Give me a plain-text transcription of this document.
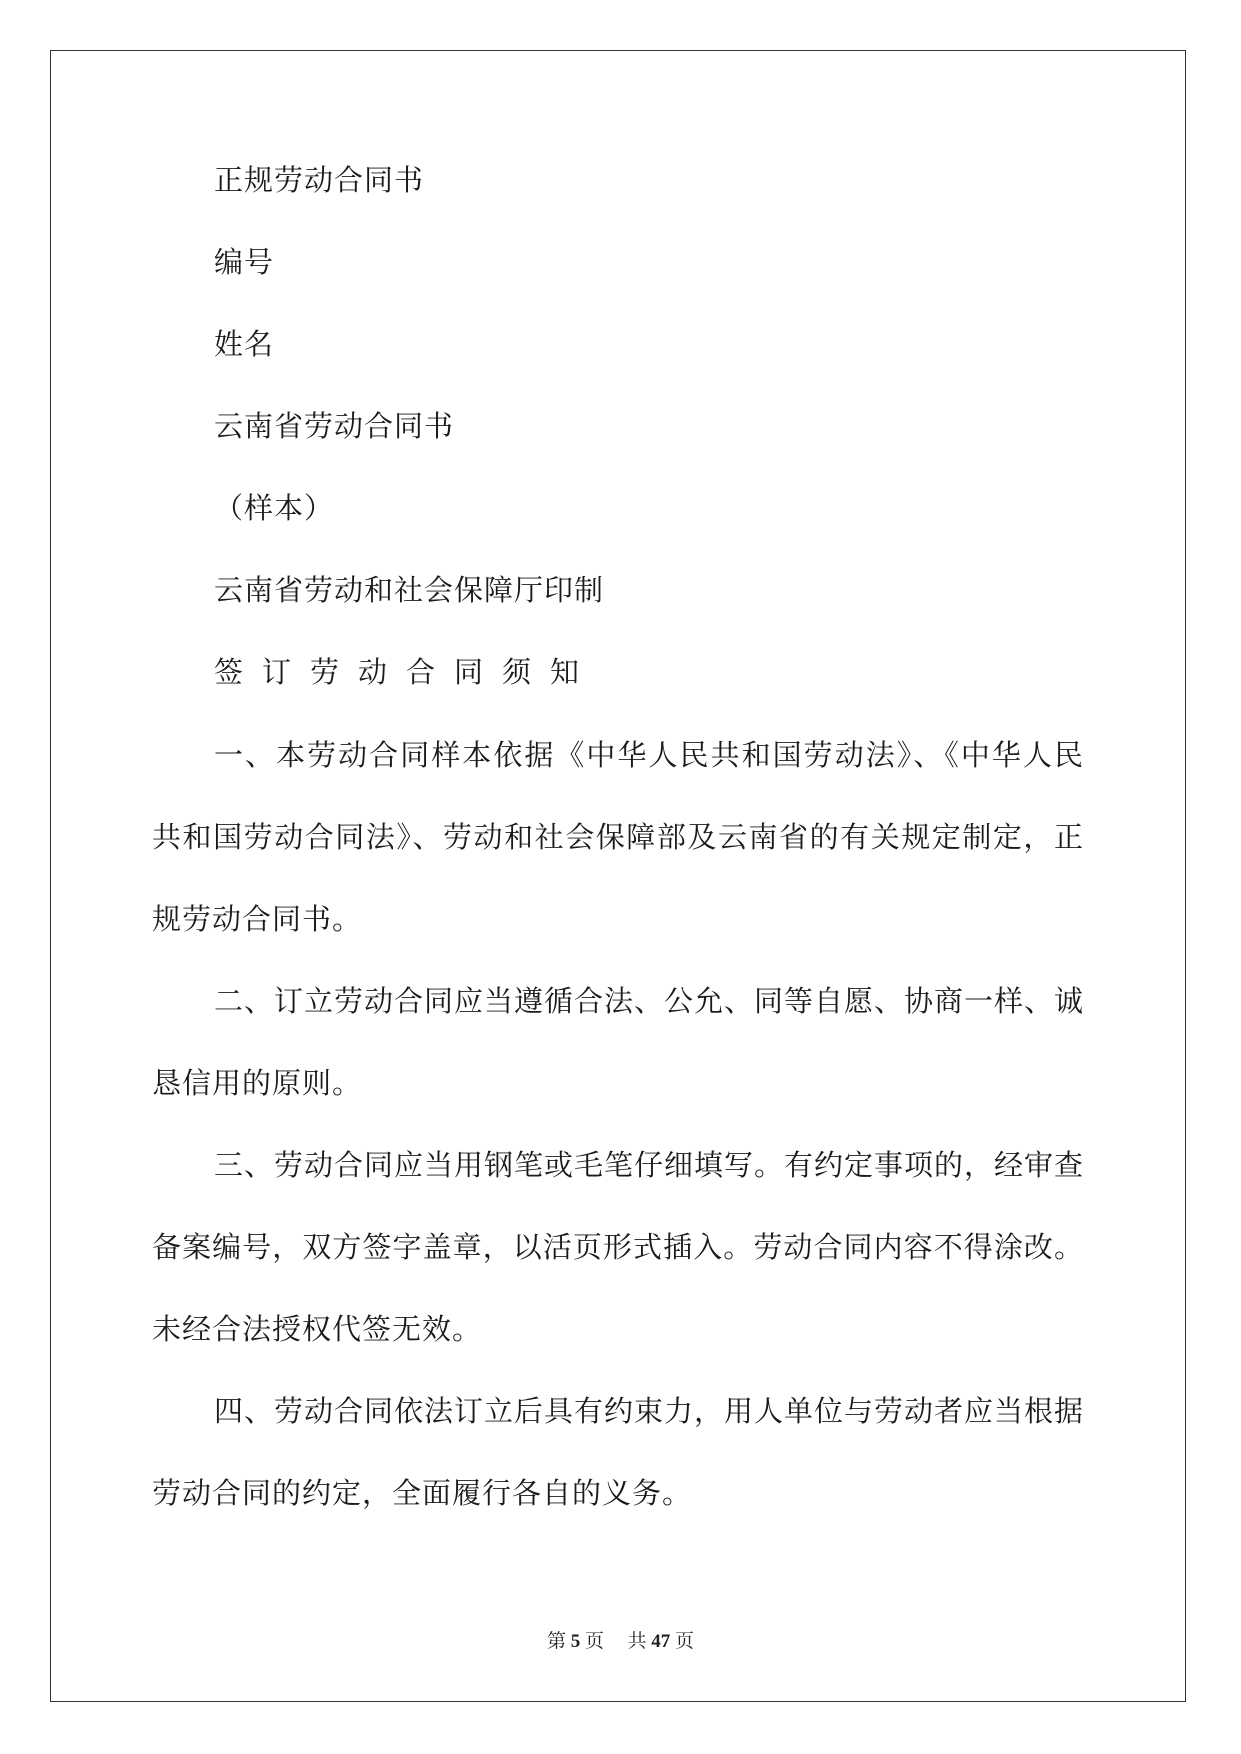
正规劳动合同书

编号

姓名

云南省劳动合同书

（样本）

云南省劳动和社会保障厅印制

签订劳动合同须知

一、本劳动合同样本依据《中华人民共和国劳动法》、《中华人民共和国劳动合同法》、劳动和社会保障部及云南省的有关规定制定，正规劳动合同书。

二、订立劳动合同应当遵循合法、公允、同等自愿、协商一样、诚恳信用的原则。

三、劳动合同应当用钢笔或毛笔仔细填写。有约定事项的，经审查备案编号，双方签字盖章，以活页形式插入。劳动合同内容不得涂改。未经合法授权代签无效。

四、劳动合同依法订立后具有约束力，用人单位与劳动者应当根据劳动合同的约定，全面履行各自的义务。

第 5 页 共 47 页
